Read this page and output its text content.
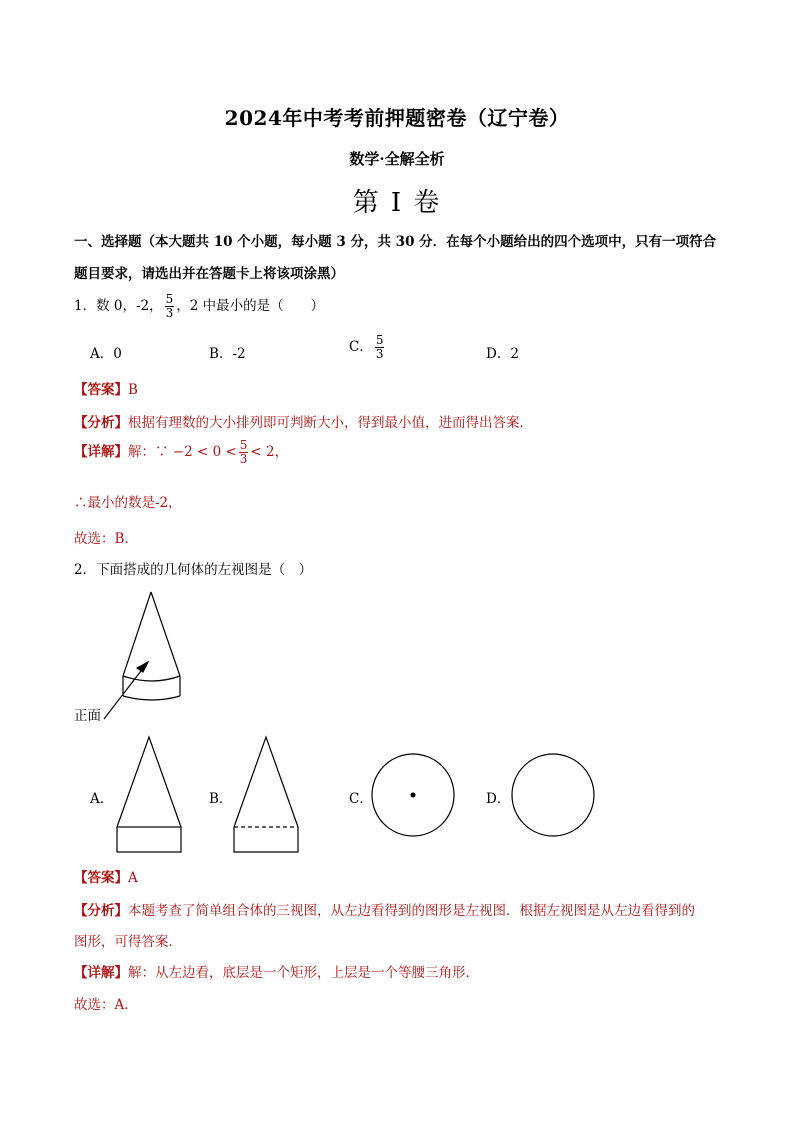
2024年中考考前押题密卷（辽宁卷）
数学·全解全析
第 I 卷
一、选择题（本大题共 10 个小题，每小题 3 分，共 30 分．在每个小题给出的四个选项中，只有一项符合
题目要求，请选出并在答题卡上将该项涂黑）
1．数 0，-2， $\frac{5}{3}$ ，2 中最小的是（　　）
A．0	B．-2	C． $\frac{5}{3}$	D．2
【答案】B
【分析】根据有理数的大小排列即可判断大小，得到最小值，进而得出答案．
【详解】解：∵ $-2 < 0 < \frac{5}{3} < 2$，
∴最小的数是-2，
故选：B．
2．下面搭成的几何体的左视图是（　）
正面
A．	B．	C．	D．
【答案】A
【分析】本题考查了简单组合体的三视图，从左边看得到的图形是左视图．根据左视图是从左边看得到的
图形，可得答案．
【详解】解：从左边看，底层是一个矩形，上层是一个等腰三角形．
故选：A．
